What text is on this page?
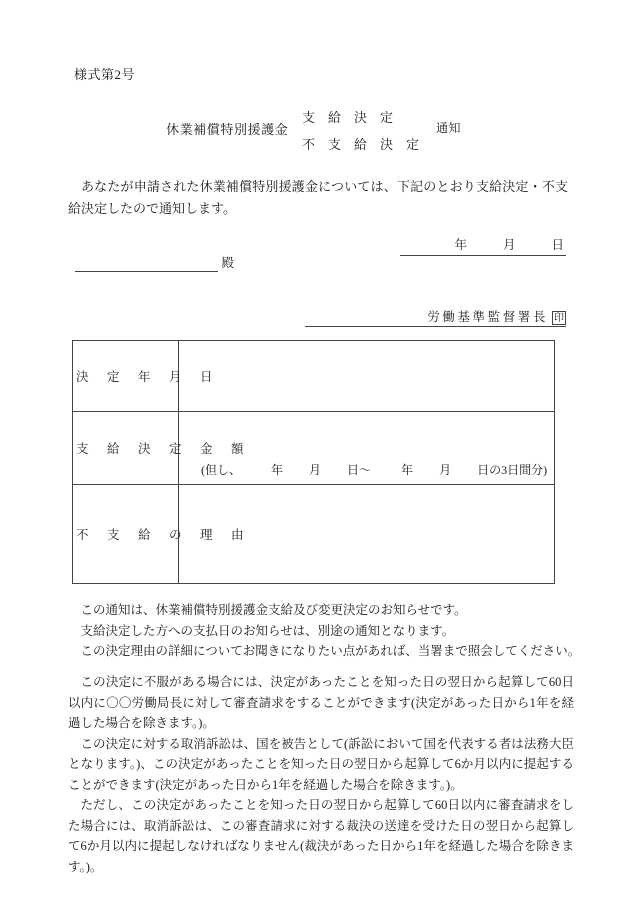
様式第2号
休業補償特別援護金
支　給　決　定
不　支　給　決　定
通知
あなたが申請された休業補償特別援護金については、下記のとおり支給決定・不支給決定したので通知します。
年	月	日
殿
労働基準監督署長 印
決　定　年　月　日	
支　給　決　定　金　額	(但し、 年 月 日〜 年 月 日の3日間分)

不　支　給　の　理　由	
この通知は、休業補償特別援護金支給及び変更決定のお知らせです。
支給決定した方への支払日のお知らせは、別途の通知となります。
この決定理由の詳細についてお聞きになりたい点があれば、当署まで照会してください。

この決定に不服がある場合には、決定があったことを知った日の翌日から起算して60日以内に〇〇労働局長に対して審査請求をすることができます(決定があった日から1年を経過した場合を除きます。)。

この決定に対する取消訴訟は、国を被告として(訴訟において国を代表する者は法務大臣となります。)、この決定があったことを知った日の翌日から起算して6か月以内に提起することができます(決定があった日から1年を経過した場合を除きます。)。

ただし、この決定があったことを知った日の翌日から起算して60日以内に審査請求をした場合には、取消訴訟は、この審査請求に対する裁決の送達を受けた日の翌日から起算して6か月以内に提起しなければなりません(裁決があった日から1年を経過した場合を除きます。)。
